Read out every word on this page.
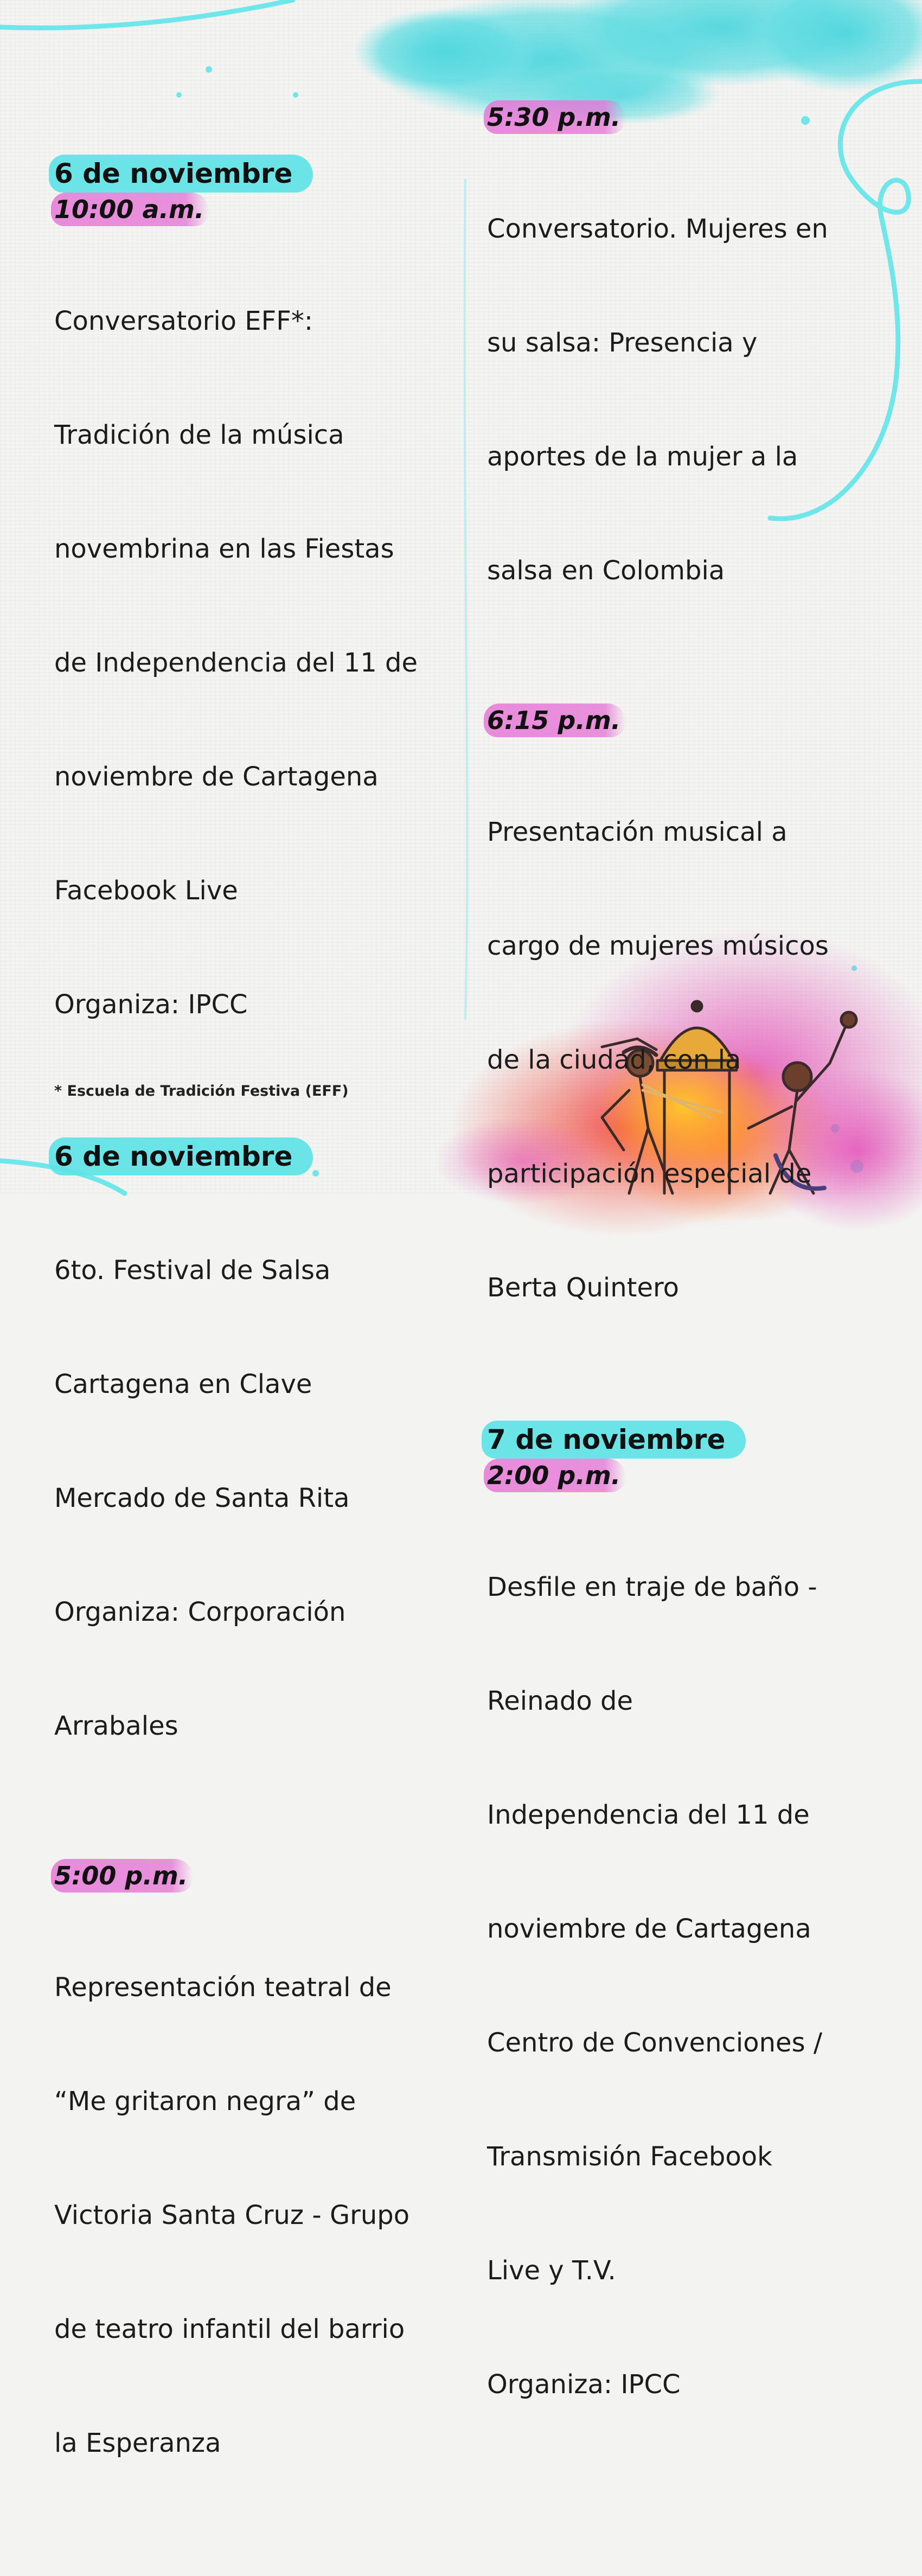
6 de noviembre
10:00 a.m.

Conversatorio EFF*:

Tradición de la música

novembrina en las Fiestas

de Independencia del 11 de

noviembre de Cartagena

Facebook Live

Organiza: IPCC

6 de noviembre

6to. Festival de Salsa

Cartagena en Clave

Mercado de Santa Rita

Organiza: Corporación

Arrabales

5:00 p.m.

Representación teatral de

“Me gritaron negra” de

Victoria Santa Cruz - Grupo

de teatro infantil del barrio

la Esperanza

5:30 p.m.

Conversatorio. Mujeres en

su salsa: Presencia y

aportes de la mujer a la

salsa en Colombia

6:15 p.m.

Presentación musical a

cargo de mujeres músicos

de la ciudad, con la

participación especial de

Berta Quintero

7 de noviembre
2:00 p.m.

Desfile en traje de baño -

Reinado de

Independencia del 11 de

noviembre de Cartagena

Centro de Convenciones /

Transmisión Facebook

Live y T.V.

Organiza: IPCC

* Escuela de Tradición Festiva (EFF)
